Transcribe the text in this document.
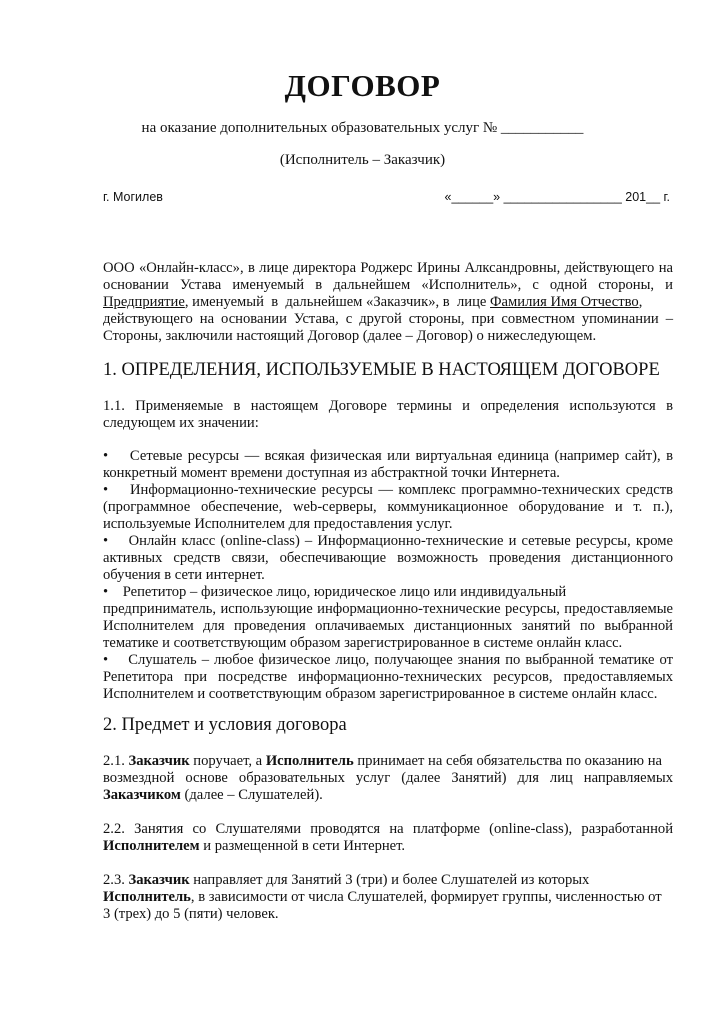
ДОГОВОР
на оказание дополнительных образовательных услуг № ___________
(Исполнитель – Заказчик)
г. Могилев	«______» _________________ 201__ г.
ООО «Онлайн-класс», в лице директора Роджерс Ирины Алксандровны, действующего на
основании Устава именуемый в дальнейшем «Исполнитель», с одной стороны, и
Предприятие, именуемый  в  дальнейшем «Заказчик», в  лице Фамилия Имя Отчество,
действующего на основании Устава, с другой стороны, при совместном упоминании –
Стороны, заключили настоящий Договор (далее – Договор) о нижеследующем.
1. ОПРЕДЕЛЕНИЯ, ИСПОЛЬЗУЕМЫЕ В НАСТОЯЩЕМ ДОГОВОРЕ
1.1. Применяемые в настоящем Договоре термины и определения используются в
следующем их значении:
•    Сетевые ресурсы — всякая физическая или виртуальная единица (например сайт), в
конкретный момент времени доступная из абстрактной точки Интернета.
•    Информационно-технические ресурсы — комплекс программно-технических средств
(программное обеспечение, web-серверы, коммуникационное оборудование и т. п.),
используемые Исполнителем для предоставления услуг.
•    Онлайн класс (online-class) – Информационно-технические и сетевые ресурсы, кроме
активных средств связи, обеспечивающие возможность проведения дистанционного
обучения в сети интернет.
•    Репетитор – физическое лицо, юридическое лицо или индивидуальный
предприниматель, использующие информационно-технические ресурсы, предоставляемые
Исполнителем для проведения оплачиваемых дистанционных занятий по выбранной
тематике и соответствующим образом зарегистрированное в системе онлайн класс.
•    Слушатель – любое физическое лицо, получающее знания по выбранной тематике от
Репетитора при посредстве информационно-технических ресурсов, предоставляемых
Исполнителем и соответствующим образом зарегистрированное в системе онлайн класс.
2. Предмет и условия договора
2.1. Заказчик поручает, а Исполнитель принимает на себя обязательства по оказанию на
возмездной основе образовательных услуг (далее Занятий) для лиц направляемых
Заказчиком (далее – Слушателей).
2.2. Занятия со Слушателями проводятся на платформе (online-class), разработанной
Исполнителем и размещенной в сети Интернет.
2.3. Заказчик направляет для Занятий 3 (три) и более Слушателей из которых
Исполнитель, в зависимости от числа Слушателей, формирует группы, численностью от
3 (трех) до 5 (пяти) человек.
